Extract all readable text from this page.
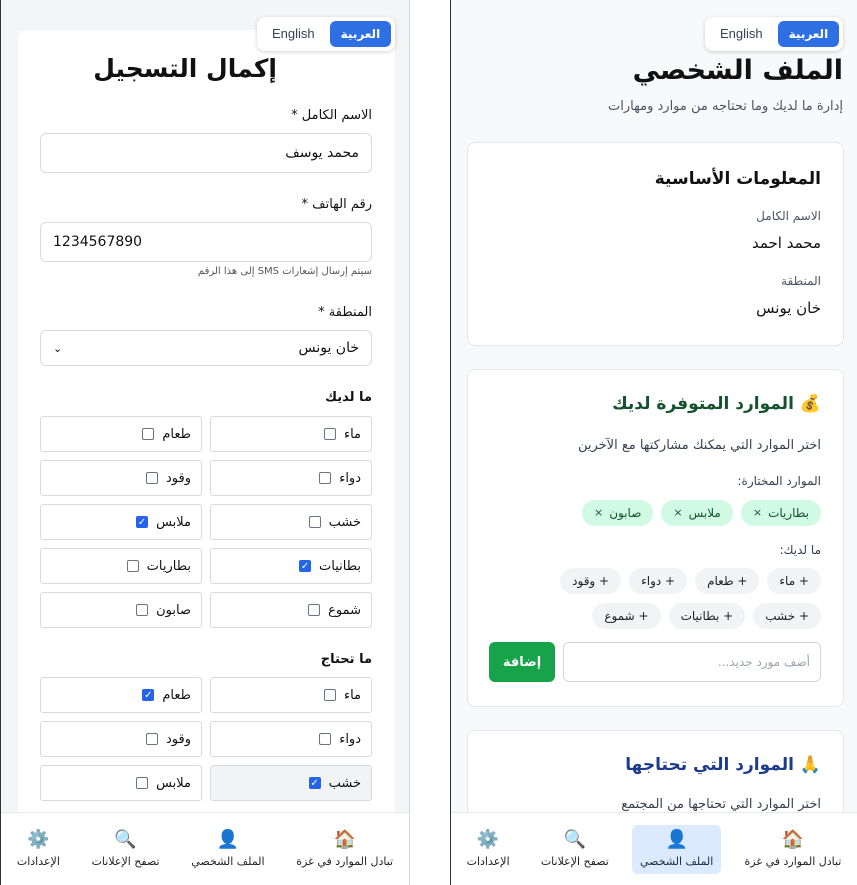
English	العربية
إكمال التسجيل
الاسم الكامل *
محمد يوسف
رقم الهاتف *
1234567890
سيتم إرسال إشعارات SMS إلى هذا الرقم
المنطقة *
خان يونس
⌄
ما لديك
ماء
طعام
دواء
وقود
خشب
ملابس
✓
بطانيات
✓
بطاريات
شموع
صابون
ما تحتاج
ماء
طعام
✓
دواء
وقود
خشب
✓
ملابس
⚙️
الإعدادات
🔍
تصفح الإعلانات
👤
الملف الشخصي
🏠
تبادل الموارد في غزة
English	العربية
الملف الشخصي
إدارة ما لديك وما تحتاجه من موارد ومهارات
المعلومات الأساسية
الاسم الكامل
محمد احمد
المنطقة
خان يونس
💰 الموارد المتوفرة لديك
اختر الموارد التي يمكنك مشاركتها مع الآخرين
الموارد المختارة:
بطاريات
×
ملابس
×
صابون
×
ما لديك:
+ ماء
+ طعام
+ دواء
+ وقود
+ خشب
+ بطانيات
+ شموع
أضف مورد جديد...
إضافة
🙏 الموارد التي تحتاجها
اختر الموارد التي تحتاجها من المجتمع
⚙️
الإعدادات
🔍
تصفح الإعلانات
👤
الملف الشخصي
🏠
تبادل الموارد في غزة
